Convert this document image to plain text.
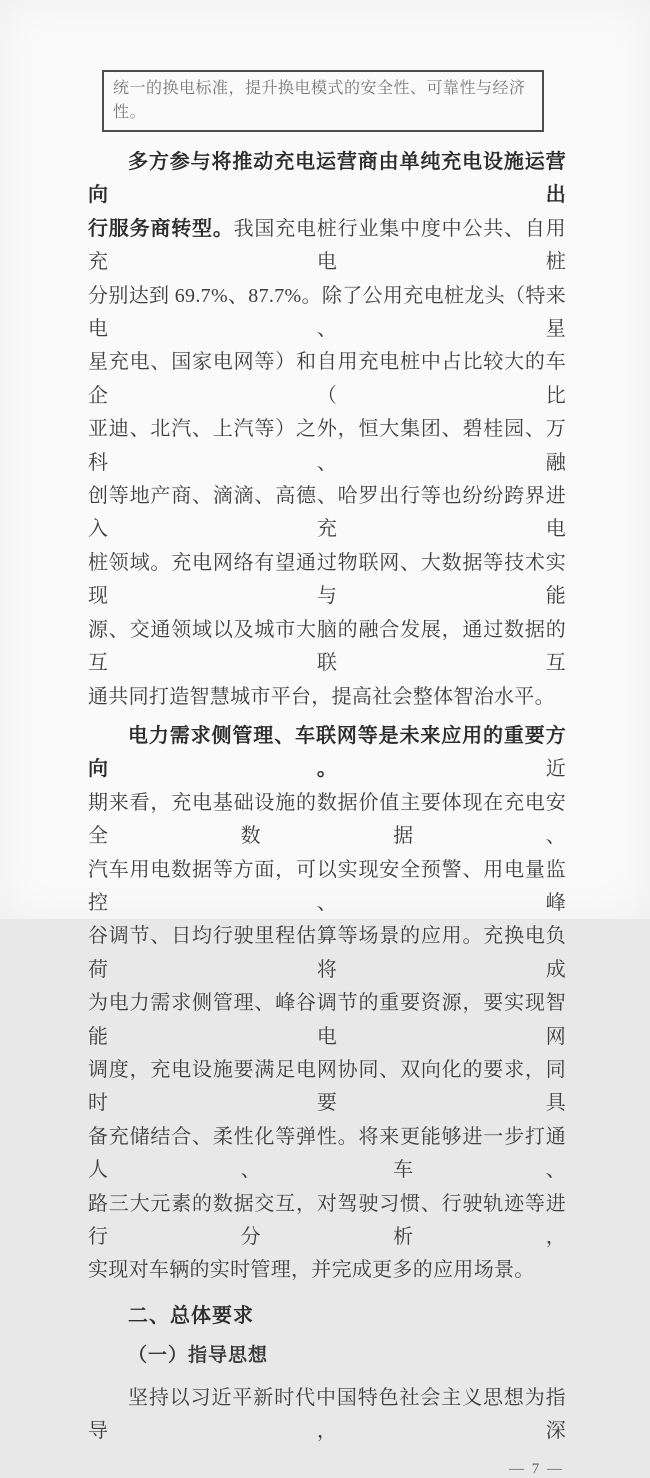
统一的换电标准，提升换电模式的安全性、可靠性与经济性。
多方参与将推动充电运营商由单纯充电设施运营向出
行服务商转型。我国充电桩行业集中度中公共、自用充电桩
分别达到 69.7%、87.7%。除了公用充电桩龙头（特来电、星
星充电、国家电网等）和自用充电桩中占比较大的车企（比
亚迪、北汽、上汽等）之外，恒大集团、碧桂园、万科、融
创等地产商、滴滴、高德、哈罗出行等也纷纷跨界进入充电
桩领域。充电网络有望通过物联网、大数据等技术实现与能
源、交通领域以及城市大脑的融合发展，通过数据的互联互
通共同打造智慧城市平台，提高社会整体智治水平。
电力需求侧管理、车联网等是未来应用的重要方向。近
期来看，充电基础设施的数据价值主要体现在充电安全数据、
汽车用电数据等方面，可以实现安全预警、用电量监控、峰
谷调节、日均行驶里程估算等场景的应用。充换电负荷将成
为电力需求侧管理、峰谷调节的重要资源，要实现智能电网
调度，充电设施要满足电网协同、双向化的要求，同时要具
备充储结合、柔性化等弹性。将来更能够进一步打通人、车、
路三大元素的数据交互，对驾驶习惯、行驶轨迹等进行分析，
实现对车辆的实时管理，并完成更多的应用场景。
二、总体要求
（一）指导思想
坚持以习近平新时代中国特色社会主义思想为指导，深
— 7 —
